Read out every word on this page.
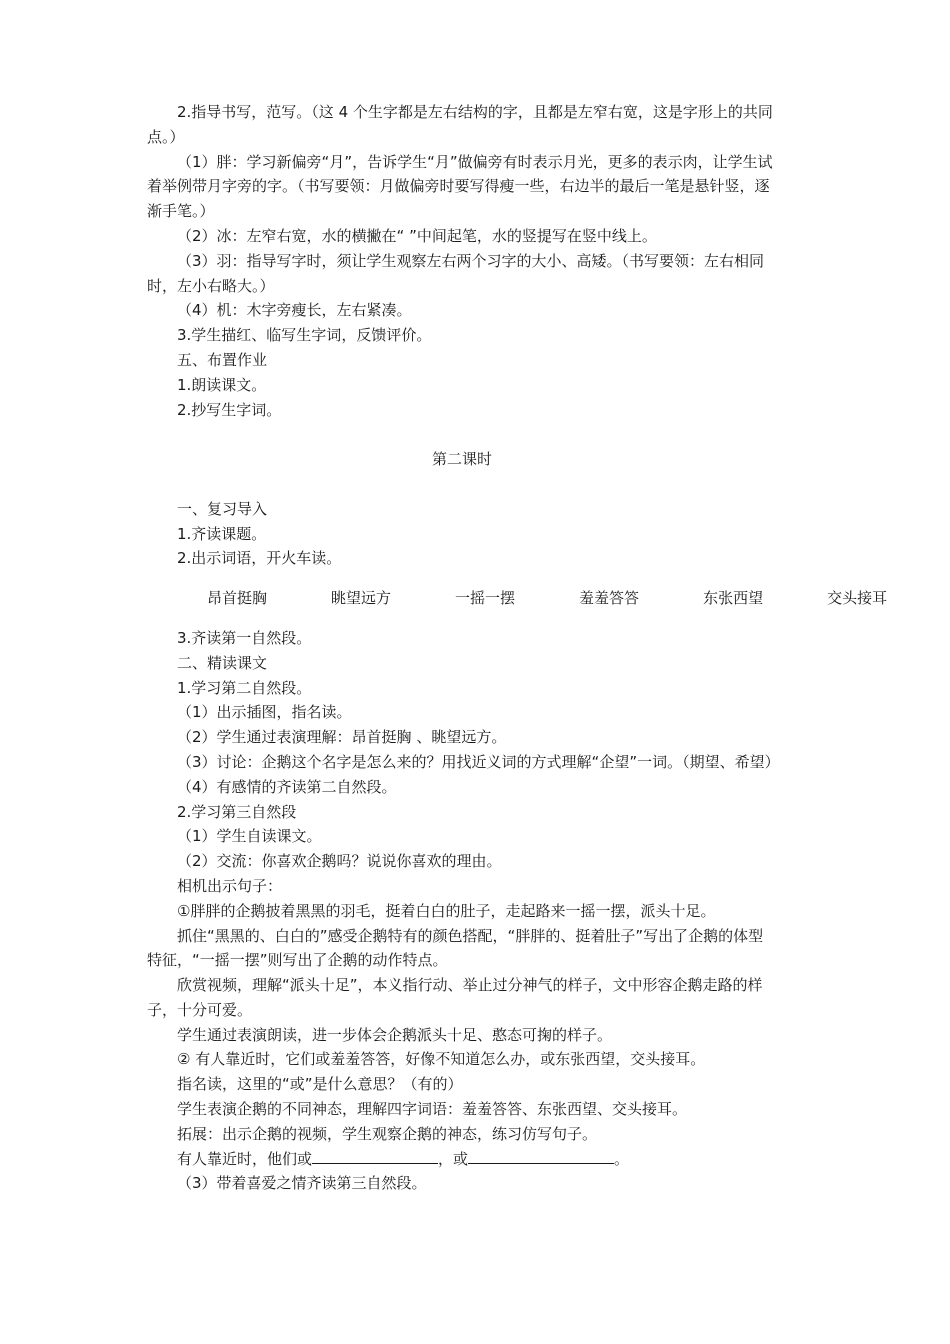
2.指导书写，范写。（这 4 个生字都是左右结构的字，且都是左窄右宽，这是字形上的共同点。）

（1）胖：学习新偏旁“月”，告诉学生“月”做偏旁有时表示月光，更多的表示肉，让学生试着举例带月字旁的字。（书写要领：月做偏旁时要写得瘦一些，右边半的最后一笔是悬针竖，逐渐手笔。）

（2）冰：左窄右宽，水的横撇在“ ”中间起笔，水的竖提写在竖中线上。

（3）羽：指导写字时，须让学生观察左右两个习字的大小、高矮。（书写要领：左右相同时，左小右略大。）

（4）机：木字旁瘦长，左右紧凑。

3.学生描红、临写生字词，反馈评价。

五、布置作业

1.朗读课文。

2.抄写生字词。

第二课时

一、复习导入

1.齐读课题。

2.出示词语，开火车读。

昂首挺胸	眺望远方	一摇一摆	羞羞答答	东张西望	交头接耳

3.齐读第一自然段。

二、精读课文

1.学习第二自然段。

（1）出示插图，指名读。

（2）学生通过表演理解：昂首挺胸 、眺望远方。

（3）讨论：企鹅这个名字是怎么来的？用找近义词的方式理解“企望”一词。（期望、希望）

（4）有感情的齐读第二自然段。

2.学习第三自然段

（1）学生自读课文。

（2）交流：你喜欢企鹅吗？说说你喜欢的理由。

相机出示句子：

①胖胖的企鹅披着黑黑的羽毛，挺着白白的肚子，走起路来一摇一摆，派头十足。

抓住“黑黑的、白白的”感受企鹅特有的颜色搭配，“胖胖的、挺着肚子”写出了企鹅的体型特征，“一摇一摆”则写出了企鹅的动作特点。

欣赏视频，理解“派头十足”，本义指行动、举止过分神气的样子，文中形容企鹅走路的样子，十分可爱。

学生通过表演朗读，进一步体会企鹅派头十足、憨态可掬的样子。

② 有人靠近时，它们或羞羞答答，好像不知道怎么办，或东张西望，交头接耳。

指名读，这里的“或”是什么意思？（有的）

学生表演企鹅的不同神态，理解四字词语：羞羞答答、东张西望、交头接耳。

拓展：出示企鹅的视频，学生观察企鹅的神态，练习仿写句子。

有人靠近时，他们或	，或	。

（3）带着喜爱之情齐读第三自然段。
